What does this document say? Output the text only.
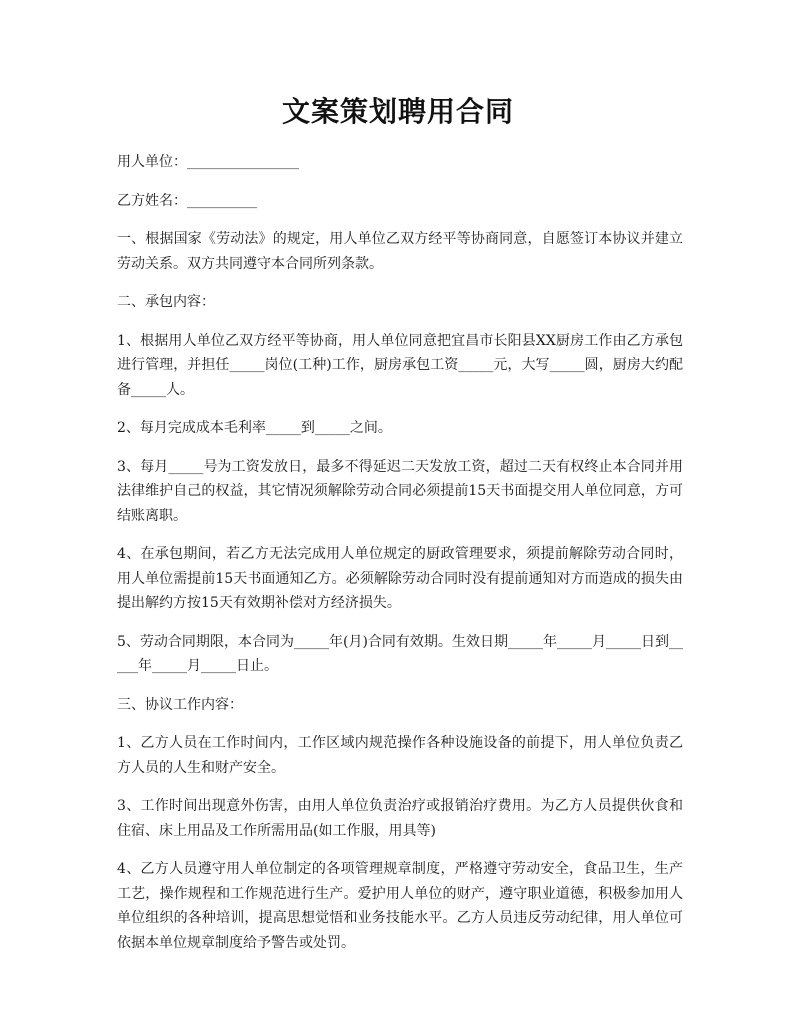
文案策划聘用合同

用人单位：________________

乙方姓名：__________

一、根据国家《劳动法》的规定，用人单位乙双方经平等协商同意，自愿签订本协议并建立劳动关系。双方共同遵守本合同所列条款。

二、承包内容：

1、根据用人单位乙双方经平等协商，用人单位同意把宜昌市长阳县XX厨房工作由乙方承包进行管理，并担任_____岗位(工种)工作，厨房承包工资_____元，大写_____圆，厨房大约配备_____人。

2、每月完成成本毛利率_____到_____之间。

3、每月_____号为工资发放日，最多不得延迟二天发放工资，超过二天有权终止本合同并用法律维护自己的权益，其它情况须解除劳动合同必须提前15天书面提交用人单位同意，方可结账离职。

4、在承包期间，若乙方无法完成用人单位规定的厨政管理要求，须提前解除劳动合同时，用人单位需提前15天书面通知乙方。必须解除劳动合同时没有提前通知对方而造成的损失由提出解约方按15天有效期补偿对方经济损失。

5、劳动合同期限，本合同为_____年(月)合同有效期。生效日期_____年_____月_____日到_____年_____月_____日止。

三、协议工作内容：

1、乙方人员在工作时间内，工作区域内规范操作各种设施设备的前提下，用人单位负责乙方人员的人生和财产安全。

3、工作时间出现意外伤害，由用人单位负责治疗或报销治疗费用。为乙方人员提供伙食和住宿、床上用品及工作所需用品(如工作服，用具等)

4、乙方人员遵守用人单位制定的各项管理规章制度，严格遵守劳动安全，食品卫生，生产工艺，操作规程和工作规范进行生产。爱护用人单位的财产，遵守职业道德，积极参加用人单位组织的各种培训，提高思想觉悟和业务技能水平。乙方人员违反劳动纪律，用人单位可依据本单位规章制度给予警告或处罚。
